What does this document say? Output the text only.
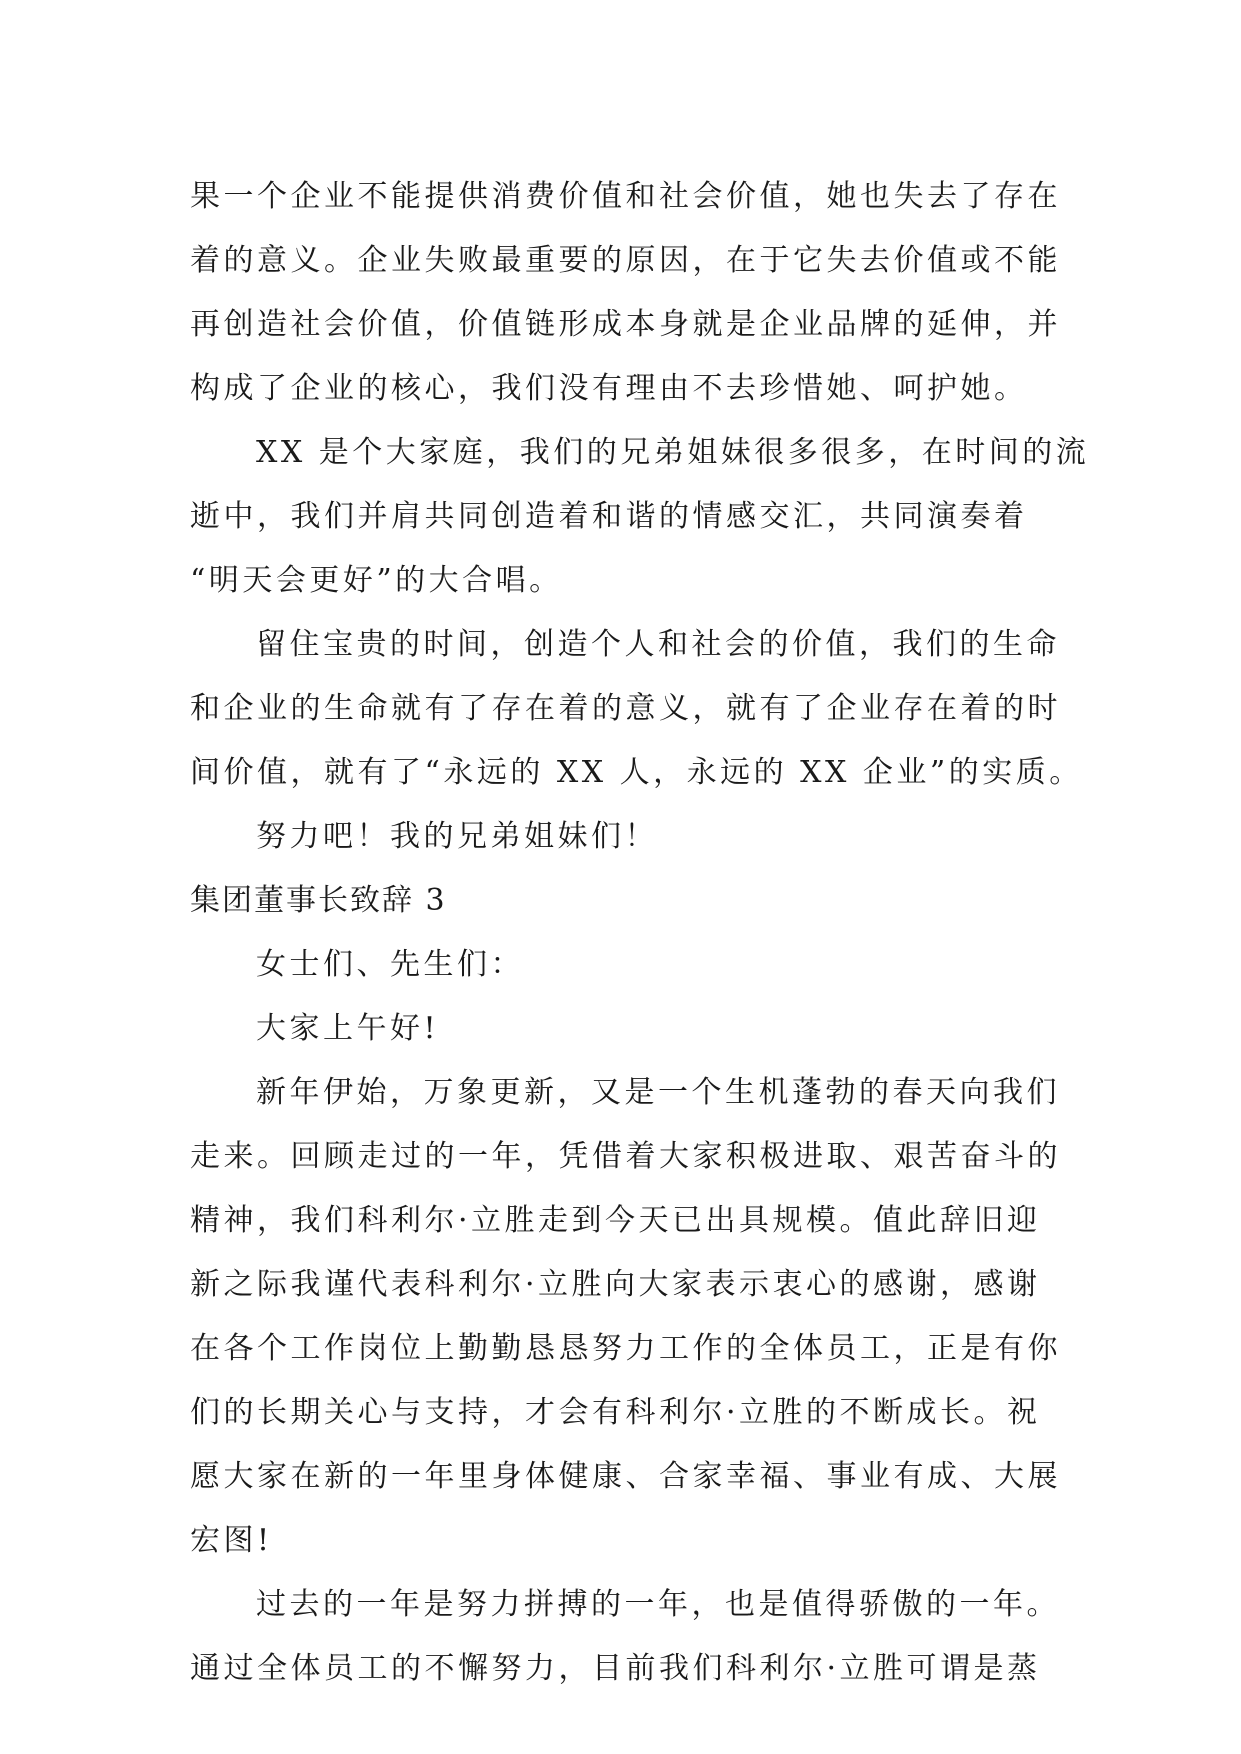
果一个企业不能提供消费价值和社会价值，她也失去了存在
着的意义。企业失败最重要的原因，在于它失去价值或不能
再创造社会价值，价值链形成本身就是企业品牌的延伸，并
构成了企业的核心，我们没有理由不去珍惜她、呵护她。
XX 是个大家庭，我们的兄弟姐妹很多很多，在时间的流
逝中，我们并肩共同创造着和谐的情感交汇，共同演奏着
“明天会更好”的大合唱。
留住宝贵的时间，创造个人和社会的价值，我们的生命
和企业的生命就有了存在着的意义，就有了企业存在着的时
间价值，就有了“永远的 XX 人，永远的 XX 企业”的实质。
努力吧！我的兄弟姐妹们！
集团董事长致辞 3
女士们、先生们：
大家上午好!
新年伊始，万象更新，又是一个生机蓬勃的春天向我们
走来。回顾走过的一年，凭借着大家积极进取、艰苦奋斗的
精神，我们科利尔·立胜走到今天已出具规模。值此辞旧迎
新之际我谨代表科利尔·立胜向大家表示衷心的感谢，感谢
在各个工作岗位上勤勤恳恳努力工作的全体员工，正是有你
们的长期关心与支持，才会有科利尔·立胜的不断成长。祝
愿大家在新的一年里身体健康、合家幸福、事业有成、大展
宏图!
过去的一年是努力拼搏的一年，也是值得骄傲的一年。
通过全体员工的不懈努力，目前我们科利尔·立胜可谓是蒸
